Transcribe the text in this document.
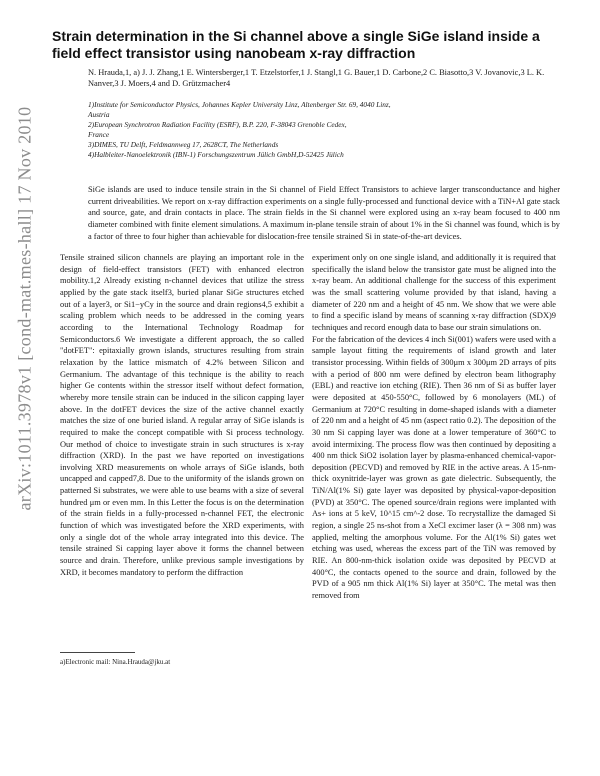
arXiv:1011.3978v1 [cond-mat.mes-hall] 17 Nov 2010
Strain determination in the Si channel above a single SiGe island inside a field effect transistor using nanobeam x-ray diffraction
N. Hrauda,1, a) J. J. Zhang,1 E. Wintersberger,1 T. Etzelstorfer,1 J. Stangl,1 G. Bauer,1 D. Carbone,2 C. Biasotto,3 V. Jovanovic,3 L. K. Nanver,3 J. Moers,4 and D. Grützmacher4
1)Institute for Semiconductor Physics, Johannes Kepler University Linz, Altenberger Str. 69, 4040 Linz,
Austria
2)European Synchrotron Radiation Facility (ESRF), B.P. 220, F-38043 Grenoble Cedex,
France
3)DIMES, TU Delft, Feldmannweg 17, 2628CT, The Netherlands
4)Halbleiter-Nanoelektronik (IBN-1) Forschungszentrum Jülich GmbH,D-52425 Jülich
SiGe islands are used to induce tensile strain in the Si channel of Field Effect Transistors to achieve larger transconductance and higher current driveabilities. We report on x-ray diffraction experiments on a single fully-processed and functional device with a TiN+Al gate stack and source, gate, and drain contacts in place. The strain fields in the Si channel were explored using an x-ray beam focused to 400 nm diameter combined with finite element simulations. A maximum in-plane tensile strain of about 1% in the Si channel was found, which is by a factor of three to four higher than achievable for dislocation-free tensile strained Si in state-of-the-art devices.

Tensile strained silicon channels are playing an important role in the design of field-effect transistors (FET) with enhanced electron mobility.1,2 Already existing n-channel devices that utilize the stress applied by the gate stack itself3, buried planar SiGe structures etched out of a layer3, or Si1−yCy in the source and drain regions4,5 exhibit a scaling problem which needs to be addressed in the coming years according to the International Technology Roadmap for Semiconductors.6 We investigate a different approach, the so called "dotFET": epitaxially grown islands, structures resulting from strain relaxation by the lattice mismatch of 4.2% between Silicon and Germanium. The advantage of this technique is the ability to reach higher Ge contents within the stressor itself without defect formation, whereby more tensile strain can be induced in the silicon capping layer above. In the dotFET devices the size of the active channel exactly matches the size of one buried island. A regular array of SiGe islands is required to make the concept compatible with Si process technology. Our method of choice to investigate strain in such structures is x-ray diffraction (XRD). In the past we have reported on investigations involving XRD measurements on whole arrays of SiGe islands, both uncapped and capped7,8. Due to the uniformity of the islands grown on patterned Si substrates, we were able to use beams with a size of several hundred μm or even mm. In this Letter the focus is on the determination of the strain fields in a fully-processed n-channel FET, the electronic function of which was investigated before the XRD experiments, with only a single dot of the whole array integrated into this device. The tensile strained Si capping layer above it forms the channel between source and drain. Therefore, unlike previous sample investigations by XRD, it becomes mandatory to perform the diffraction

experiment only on one single island, and additionally it is required that specifically the island below the transistor gate must be aligned into the x-ray beam. An additional challenge for the success of this experiment was the small scattering volume provided by that island, having a diameter of 220 nm and a height of 45 nm. We show that we were able to find a specific island by means of scanning x-ray diffraction (SDX)9 techniques and record enough data to base our strain simulations on.

For the fabrication of the devices 4 inch Si(001) wafers were used with a sample layout fitting the requirements of island growth and later transistor processing. Within fields of 300μm x 300μm 2D arrays of pits with a period of 800 nm were defined by electron beam lithography (EBL) and reactive ion etching (RIE). Then 36 nm of Si as buffer layer were deposited at 450-550°C, followed by 6 monolayers (ML) of Germanium at 720°C resulting in dome-shaped islands with a diameter of 220 nm and a height of 45 nm (aspect ratio 0.2). The deposition of the 30 nm Si capping layer was done at a lower temperature of 360°C to avoid intermixing. The process flow was then continued by depositing a 400 nm thick SiO2 isolation layer by plasma-enhanced chemical-vapor-deposition (PECVD) and removed by RIE in the active areas. A 15-nm-thick oxynitride-layer was grown as gate dielectric. Subsequently, the TiN/Al(1% Si) gate layer was deposited by physical-vapor-deposition (PVD) at 350°C. The opened source/drain regions were implanted with As+ ions at 5 keV, 10^15 cm^-2 dose. To recrystallize the damaged Si region, a single 25 ns-shot from a XeCl excimer laser (λ = 308 nm) was applied, melting the amorphous volume. For the Al(1% Si) gates wet etching was used, whereas the excess part of the TiN was removed by RIE. An 800-nm-thick isolation oxide was deposited by PECVD at 400°C, the contacts opened to the source and drain, followed by the PVD of a 905 nm thick Al(1% Si) layer at 350°C. The metal was then removed from

a)Electronic mail: Nina.Hrauda@jku.at
